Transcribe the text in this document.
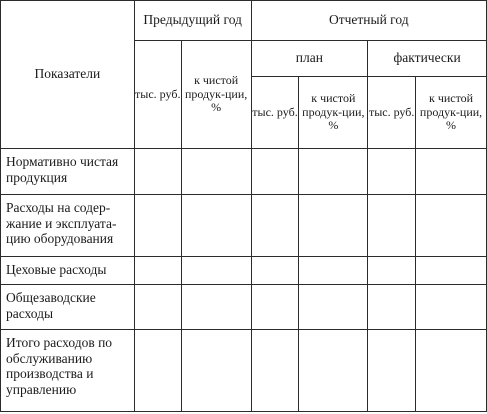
Показатели	Предыдущий год		Отчетный год			
	тыс. руб.	к чистой продук-ции, %	план		фактически	
			тыс. руб.	к чистой продук-ции, %	тыс. руб.	к чистой продук-ции, %
Нормативно чистая продукция						
Расходы на содер-жание и эксплуата-цию оборудования						
Цеховые расходы						
Общезаводские расходы						
Итого расходов по обслуживанию производства и управлению						
